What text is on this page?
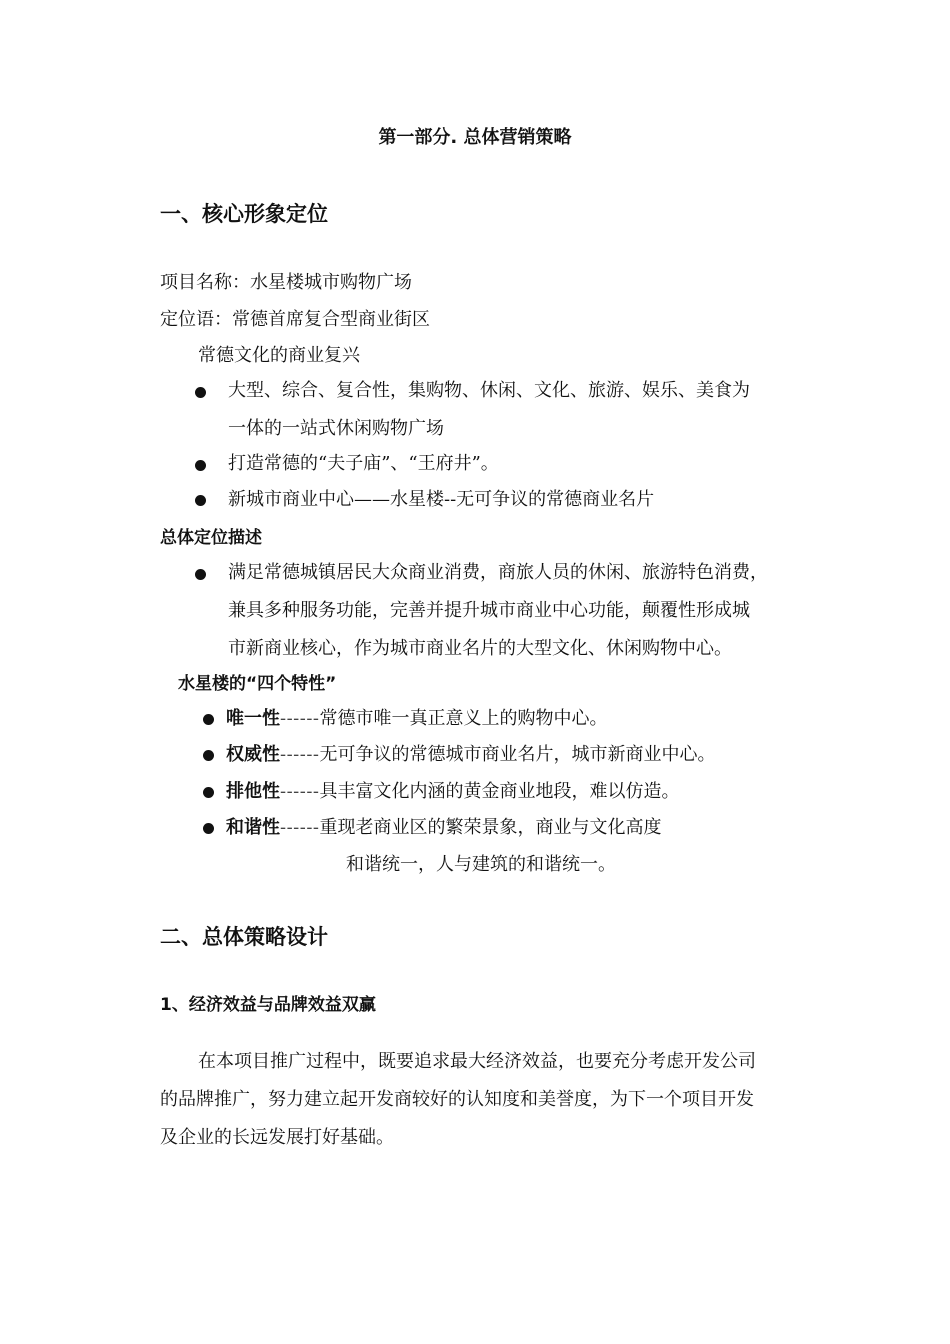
第一部分. 总体营销策略
一、核心形象定位
项目名称：水星楼城市购物广场
定位语：常德首席复合型商业街区
常德文化的商业复兴
大型、综合、复合性，集购物、休闲、文化、旅游、娱乐、美食为
一体的一站式休闲购物广场
打造常德的“夫子庙”、“王府井”。
新城市商业中心——水星楼--无可争议的常德商业名片
总体定位描述
满足常德城镇居民大众商业消费，商旅人员的休闲、旅游特色消费，
兼具多种服务功能，完善并提升城市商业中心功能，颠覆性形成城
市新商业核心，作为城市商业名片的大型文化、休闲购物中心。
水星楼的“四个特性”
唯一性------常德市唯一真正意义上的购物中心。
权威性------无可争议的常德城市商业名片，城市新商业中心。
排他性------具丰富文化内涵的黄金商业地段，难以仿造。
和谐性------重现老商业区的繁荣景象，商业与文化高度
和谐统一，人与建筑的和谐统一。
二、总体策略设计
1、经济效益与品牌效益双赢
在本项目推广过程中，既要追求最大经济效益，也要充分考虑开发公司
的品牌推广，努力建立起开发商较好的认知度和美誉度，为下一个项目开发
及企业的长远发展打好基础。
